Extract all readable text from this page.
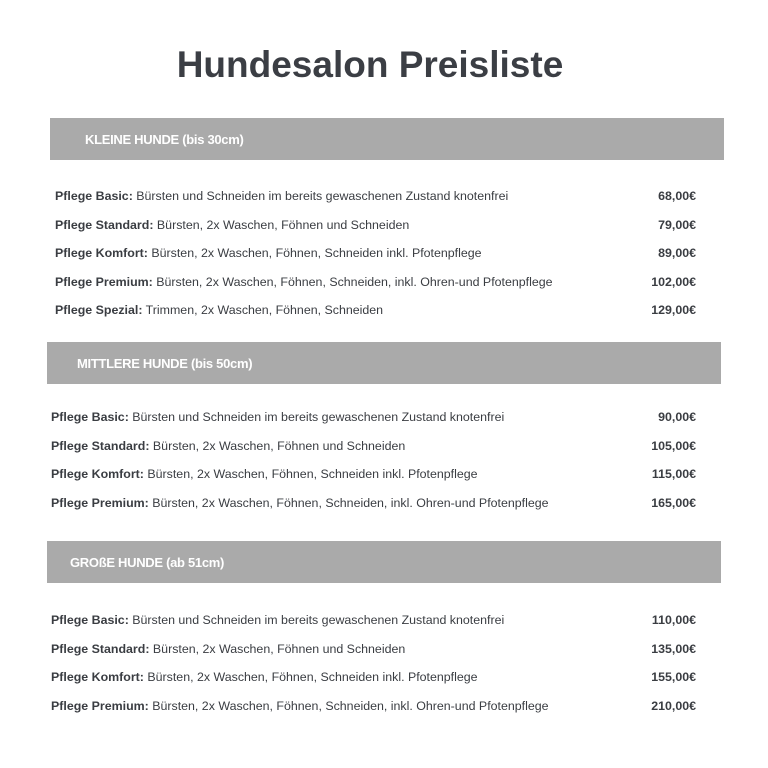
Hundesalon Preisliste
KLEINE HUNDE (bis 30cm)
Pflege Basic: Bürsten und Schneiden im bereits gewaschenen Zustand knotenfrei
Pflege Standard: Bürsten, 2x Waschen, Föhnen und Schneiden
Pflege Komfort: Bürsten, 2x Waschen, Föhnen, Schneiden inkl. Pfotenpflege
Pflege Premium: Bürsten, 2x Waschen, Föhnen, Schneiden, inkl. Ohren-und Pfotenpflege
Pflege Spezial: Trimmen, 2x Waschen, Föhnen, Schneiden
68,00€
79,00€
89,00€
102,00€
129,00€
MITTLERE HUNDE (bis 50cm)
Pflege Basic: Bürsten und Schneiden im bereits gewaschenen Zustand knotenfrei
Pflege Standard: Bürsten, 2x Waschen, Föhnen und Schneiden
Pflege Komfort: Bürsten, 2x Waschen, Föhnen, Schneiden inkl. Pfotenpflege
Pflege Premium: Bürsten, 2x Waschen, Föhnen, Schneiden, inkl. Ohren-und Pfotenpflege
90,00€
105,00€
115,00€
165,00€
GROßE HUNDE (ab 51cm)
Pflege Basic: Bürsten und Schneiden im bereits gewaschenen Zustand knotenfrei
Pflege Standard: Bürsten, 2x Waschen, Föhnen und Schneiden
Pflege Komfort: Bürsten, 2x Waschen, Föhnen, Schneiden inkl. Pfotenpflege
Pflege Premium: Bürsten, 2x Waschen, Föhnen, Schneiden, inkl. Ohren-und Pfotenpflege
110,00€
135,00€
155,00€
210,00€
